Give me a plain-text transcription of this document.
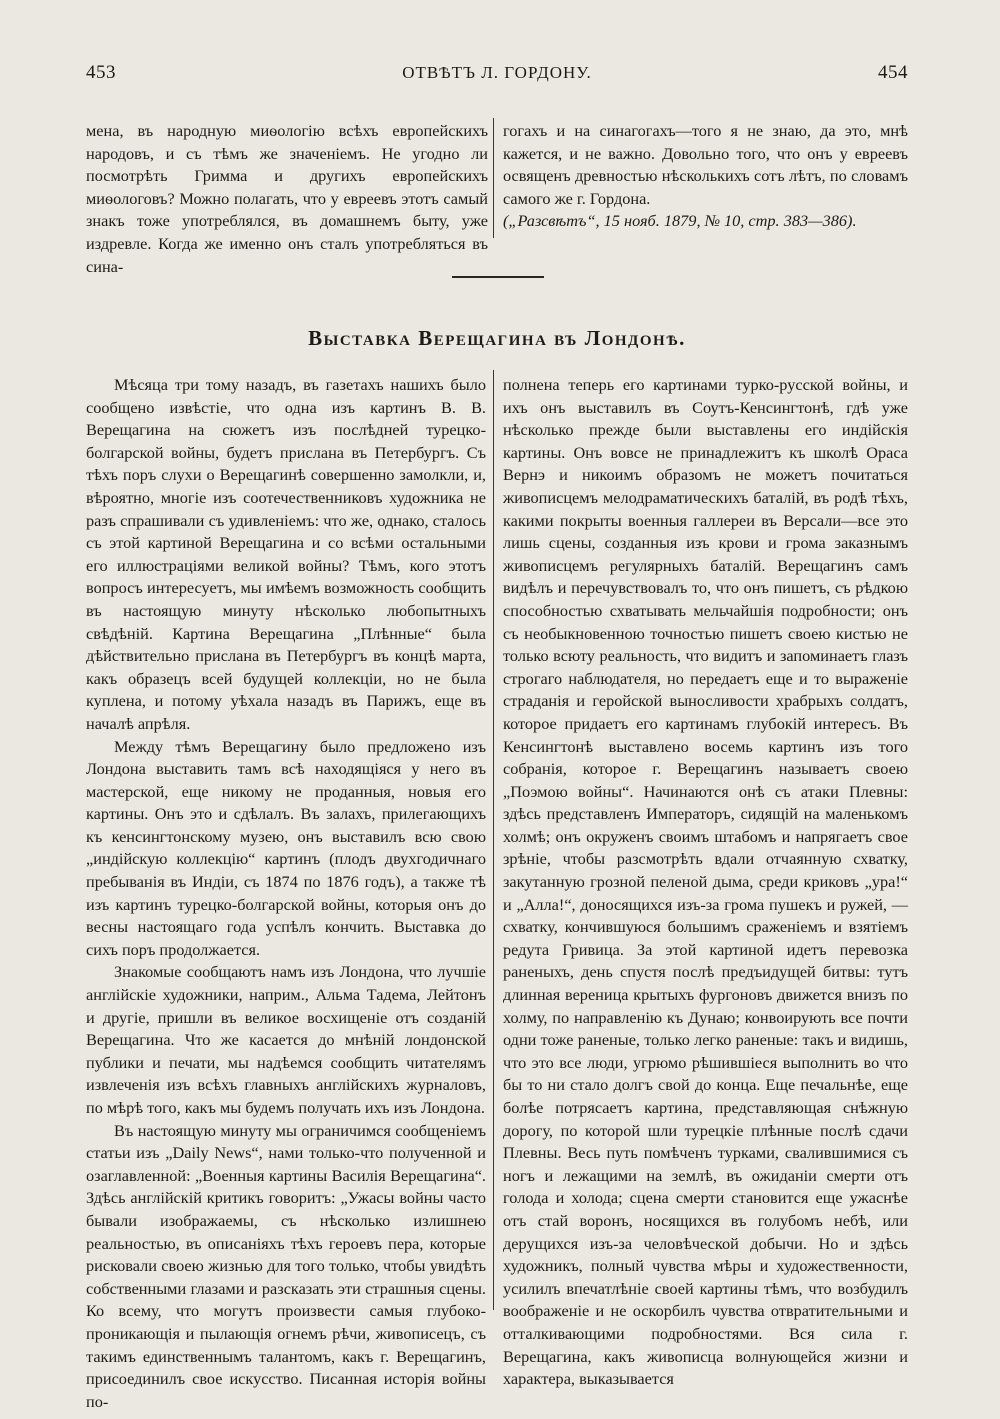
453	ОТВѢТЪ Л. ГОРДОНУ.	454

мена, въ народную миѳологію всѣхъ европейскихъ народовъ, и съ тѣмъ же значеніемъ. Не угодно ли посмотрѣть Гримма и другихъ европейскихъ миѳологовъ? Можно полагать, что у евреевъ этотъ самый знакъ тоже употреблялся, въ домашнемъ быту, уже издревле. Когда же именно онъ сталъ употребляться въ сина-

гогахъ и на синагогахъ—того я не знаю, да это, мнѣ кажется, и не важно. Довольно того, что онъ у евреевъ освященъ древностью нѣсколькихъ сотъ лѣтъ, по словамъ самого же г. Гордона.

(„Разсвѣтъ“, 15 нояб. 1879, № 10, стр. 383—386).

Выставка Верещагина въ Лондонѣ.

Мѣсяца три тому назадъ, въ газетахъ нашихъ было сообщено извѣстіе, что одна изъ картинъ В. В. Верещагина на сюжетъ изъ послѣдней турецко-болгарской войны, будетъ прислана въ Петербургъ. Съ тѣхъ поръ слухи о Верещагинѣ совершенно замолкли, и, вѣроятно, многіе изъ соотечественниковъ художника не разъ спрашивали съ удивленіемъ: что же, однако, сталось съ этой картиной Верещагина и со всѣми остальными его иллюстраціями великой войны? Тѣмъ, кого этотъ вопросъ интересуетъ, мы имѣемъ возможность сообщить въ настоящую минуту нѣсколько любопытныхъ свѣдѣній. Картина Верещагина „Плѣнные“ была дѣйствительно прислана въ Петербургъ въ концѣ марта, какъ образецъ всей будущей коллекціи, но не была куплена, и потому уѣхала назадъ въ Парижъ, еще въ началѣ апрѣля.

Между тѣмъ Верещагину было предложено изъ Лондона выставить тамъ всѣ находящіяся у него въ мастерской, еще никому не проданныя, новыя его картины. Онъ это и сдѣлалъ. Въ залахъ, прилегающихъ къ кенсингтонскому музею, онъ выставилъ всю свою „индійскую коллекцію“ картинъ (плодъ двухгодичнаго пребыванія въ Индіи, съ 1874 по 1876 годъ), а также тѣ изъ картинъ турецко-болгарской войны, которыя онъ до весны настоящаго года успѣлъ кончить. Выставка до сихъ поръ продолжается.

Знакомые сообщаютъ намъ изъ Лондона, что лучшіе англійскіе художники, наприм., Альма Тадема, Лейтонъ и другіе, пришли въ великое восхищеніе отъ созданій Верещагина. Что же касается до мнѣній лондонской публики и печати, мы надѣемся сообщить читателямъ извлеченія изъ всѣхъ главныхъ англійскихъ журналовъ, по мѣрѣ того, какъ мы будемъ получать ихъ изъ Лондона.

Въ настоящую минуту мы ограничимся сообщеніемъ статьи изъ „Daily News“, нами только-что полученной и озаглавленной: „Военныя картины Василія Верещагина“. Здѣсь англійскій критикъ говоритъ: „Ужасы войны часто бывали изображаемы, съ нѣсколько излишнею реальностью, въ описаніяхъ тѣхъ героевъ пера, которые рисковали своею жизнью для того только, чтобы увидѣть собственными глазами и разсказать эти страшныя сцены. Ко всему, что могутъ произвести самыя глубоко-проникающія и пылающія огнемъ рѣчи, живописецъ, съ такимъ единственнымъ талантомъ, какъ г. Верещагинъ, присоединилъ свое искусство. Писанная исторія войны по-

полнена теперь его картинами турко-русской войны, и ихъ онъ выставилъ въ Соутъ-Кенсингтонѣ, гдѣ уже нѣсколько прежде были выставлены его индійскія картины. Онъ вовсе не принадлежитъ къ школѣ Ораса Вернэ и никоимъ образомъ не можетъ почитаться живописцемъ мелодраматическихъ баталій, въ родѣ тѣхъ, какими покрыты военныя галлереи въ Версали—все это лишь сцены, созданныя изъ крови и грома заказнымъ живописцемъ регулярныхъ баталій. Верещагинъ самъ видѣлъ и перечувствовалъ то, что онъ пишетъ, съ рѣдкою способностью схватывать мельчайшія подробности; онъ съ необыкновенною точностью пишетъ своею кистью не только всюту реальность, что видитъ и запоминаетъ глазъ строгаго наблюдателя, но передаетъ еще и то выраженіе страданія и геройской выносливости храбрыхъ солдатъ, которое придаетъ его картинамъ глубокій интересъ. Въ Кенсингтонѣ выставлено восемь картинъ изъ того собранія, которое г. Верещагинъ называетъ своею „Поэмою войны“. Начинаются онѣ съ атаки Плевны: здѣсь представленъ Императоръ, сидящій на маленькомъ холмѣ; онъ окруженъ своимъ штабомъ и напрягаетъ свое зрѣніе, чтобы разсмотрѣть вдали отчаянную схватку, закутанную грозной пеленой дыма, среди криковъ „ура!“ и „Алла!“, доносящихся изъ-за грома пушекъ и ружей, — схватку, кончившуюся большимъ сраженіемъ и взятіемъ редута Гривица. За этой картиной идетъ перевозка раненыхъ, день спустя послѣ предъидущей битвы: тутъ длинная вереница крытыхъ фургоновъ движется внизъ по холму, по направленію къ Дунаю; конвоирують все почти одни тоже раненые, только легко раненые: такъ и видишь, что это все люди, угрюмо рѣшившіеся выполнить во что бы то ни стало долгъ свой до конца. Еще печальнѣе, еще болѣе потрясаетъ картина, представляющая снѣжную дорогу, по которой шли турецкіе плѣнные послѣ сдачи Плевны. Весь путь помѣченъ турками, свалившимися съ ногъ и лежащими на землѣ, въ ожиданіи смерти отъ голода и холода; сцена смерти становится еще ужаснѣе отъ стай воронъ, носящихся въ голубомъ небѣ, или дерущихся изъ-за человѣческой добычи. Но и здѣсь художникъ, полный чувства мѣры и художественности, усилилъ впечатлѣніе своей картины тѣмъ, что возбудилъ воображеніе и не оскорбилъ чувства отвратительными и отталкивающими подробностями. Вся сила г. Верещагина, какъ живописца волнующейся жизни и характера, выказывается
